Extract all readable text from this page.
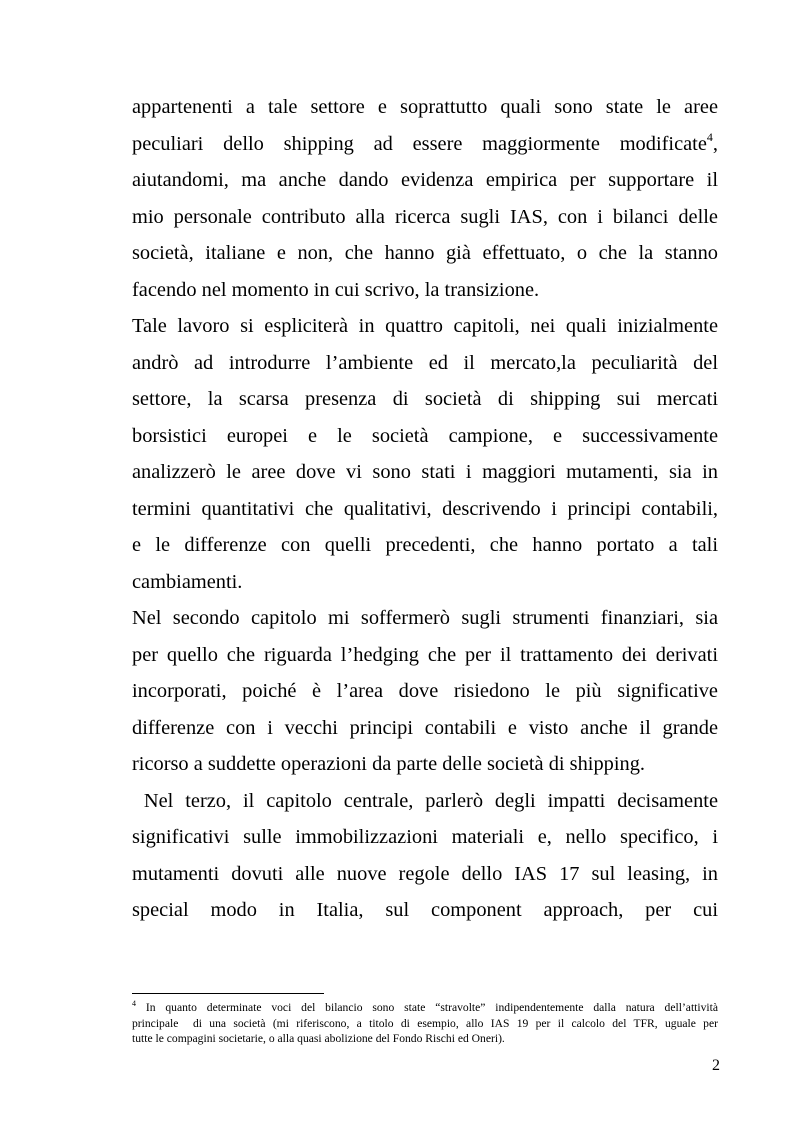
appartenenti a tale settore e soprattutto quali sono state le aree
peculiari dello shipping ad essere maggiormente modificate$^4$,
aiutandomi, ma anche dando evidenza empirica per supportare il
mio personale contributo alla ricerca sugli IAS, con i bilanci delle
società, italiane e non, che hanno già effettuato, o che la stanno
facendo nel momento in cui scrivo, la transizione.
Tale lavoro si espliciterà in quattro capitoli, nei quali inizialmente
andrò ad introdurre l’ambiente ed il mercato,la peculiarità del
settore, la scarsa presenza di società di shipping sui mercati
borsistici europei e le società campione, e successivamente
analizzerò le aree dove vi sono stati i maggiori mutamenti, sia in
termini quantitativi che qualitativi, descrivendo i principi contabili,
e le differenze con quelli precedenti, che hanno portato a tali
cambiamenti.
Nel secondo capitolo mi soffermerò sugli strumenti finanziari, sia
per quello che riguarda l’hedging che per il trattamento dei derivati
incorporati, poiché è l’area dove risiedono le più significative
differenze con i vecchi principi contabili e visto anche il grande
ricorso a suddette operazioni da parte delle società di shipping.
Nel terzo, il capitolo centrale, parlerò degli impatti decisamente
significativi sulle immobilizzazioni materiali e, nello specifico, i
mutamenti dovuti alle nuove regole dello IAS 17 sul leasing, in
special modo in Italia, sul component approach, per cui
$^4$ In quanto determinate voci del bilancio sono state “stravolte” indipendentemente dalla natura dell’attività
principale  di una società (mi riferiscono, a titolo di esempio, allo IAS 19 per il calcolo del TFR, uguale per
tutte le compagini societarie, o alla quasi abolizione del Fondo Rischi ed Oneri).
2
